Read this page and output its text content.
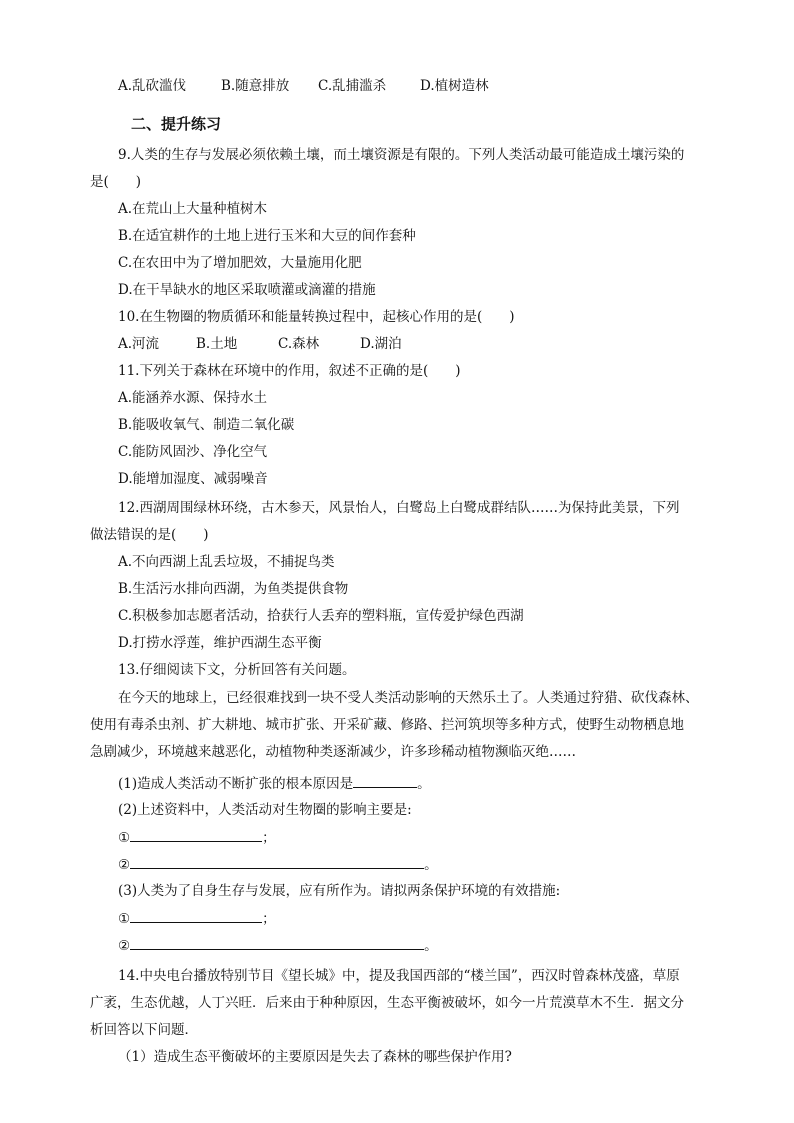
A.乱砍滥伐	B.随意排放 C.乱捕滥杀	D.植树造林
二、提升练习
9.人类的生存与发展必须依赖土壤，而土壤资源是有限的。下列人类活动最可能造成土壤污染的
是(　　)
A.在荒山上大量种植树木
B.在适宜耕作的土地上进行玉米和大豆的间作套种
C.在农田中为了增加肥效，大量施用化肥
D.在干旱缺水的地区采取喷灌或滴灌的措施
10.在生物圈的物质循环和能量转换过程中，起核心作用的是(　　)
A.河流	B.土地	C.森林	D.湖泊
11.下列关于森林在环境中的作用，叙述不正确的是(　　)
A.能涵养水源、保持水土
B.能吸收氧气、制造二氧化碳
C.能防风固沙、净化空气
D.能增加湿度、减弱噪音
12.西湖周围绿林环绕，古木参天，风景怡人，白鹭岛上白鹭成群结队……为保持此美景，下列
做法错误的是(　　)
A.不向西湖上乱丢垃圾，不捕捉鸟类
B.生活污水排向西湖，为鱼类提供食物
C.积极参加志愿者活动，拾获行人丢弃的塑料瓶，宣传爱护绿色西湖
D.打捞水浮莲，维护西湖生态平衡
13.仔细阅读下文，分析回答有关问题。
在今天的地球上，已经很难找到一块不受人类活动影响的天然乐土了。人类通过狩猎、砍伐森林、
使用有毒杀虫剂、扩大耕地、城市扩张、开采矿藏、修路、拦河筑坝等多种方式，使野生动物栖息地
急剧减少，环境越来越恶化，动植物种类逐渐减少，许多珍稀动植物濒临灭绝……
(1)造成人类活动不断扩张的根本原因是	。
(2)上述资料中，人类活动对生物圈的影响主要是:
①	；
②	。
(3)人类为了自身生存与发展，应有所作为。请拟两条保护环境的有效措施:
①	；
②	。
14.中央电台播放特别节目《望长城》中，提及我国西部的“楼兰国”，西汉时曾森林茂盛，草原
广袤，生态优越，人丁兴旺．后来由于种种原因，生态平衡被破坏，如今一片荒漠草木不生．据文分
析回答以下问题．
（1）造成生态平衡破坏的主要原因是失去了森林的哪些保护作用?
